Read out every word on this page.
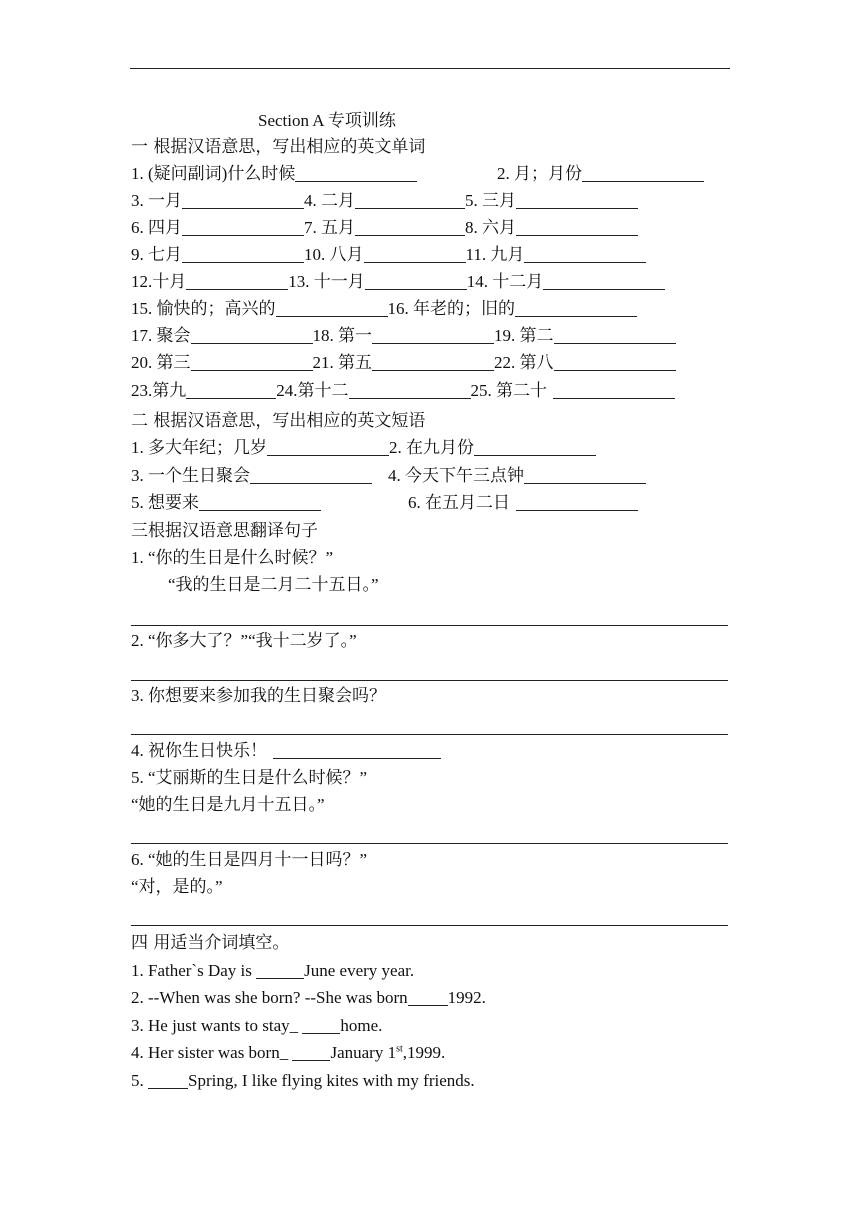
Section A 专项训练
一 根据汉语意思，写出相应的英文单词
1. (疑问副词)什么时候	2. 月；月份
3. 一月	4. 二月	5. 三月
6. 四月	7. 五月	8. 六月
9. 七月	10. 八月	11. 九月
12.十月	13. 十一月	14. 十二月
15. 愉快的；高兴的	16. 年老的；旧的
17. 聚会	18. 第一	19. 第二
20. 第三	21. 第五	22. 第八
23.第九	24.第十二	25. 第二十
二 根据汉语意思，写出相应的英文短语
1. 多大年纪；几岁	2. 在九月份
3. 一个生日聚会	4. 今天下午三点钟
5. 想要来	6. 在五月二日
三根据汉语意思翻译句子
1. “你的生日是什么时候？”
“我的生日是二月二十五日。”
2. “你多大了？”“我十二岁了。”
3. 你想要来参加我的生日聚会吗？
4. 祝你生日快乐！
5. “艾丽斯的生日是什么时候？”
“她的生日是九月十五日。”
6. “她的生日是四月十一日吗？”
“对，是的。”
四 用适当介词填空。
1. Father`s Day is	June every year.
2. --When was she born? --She was born 1992.
3. He just wants to stay_ home.
4. Her sister was born_ January 1st,1999.
5. Spring, I like flying kites with my friends.
